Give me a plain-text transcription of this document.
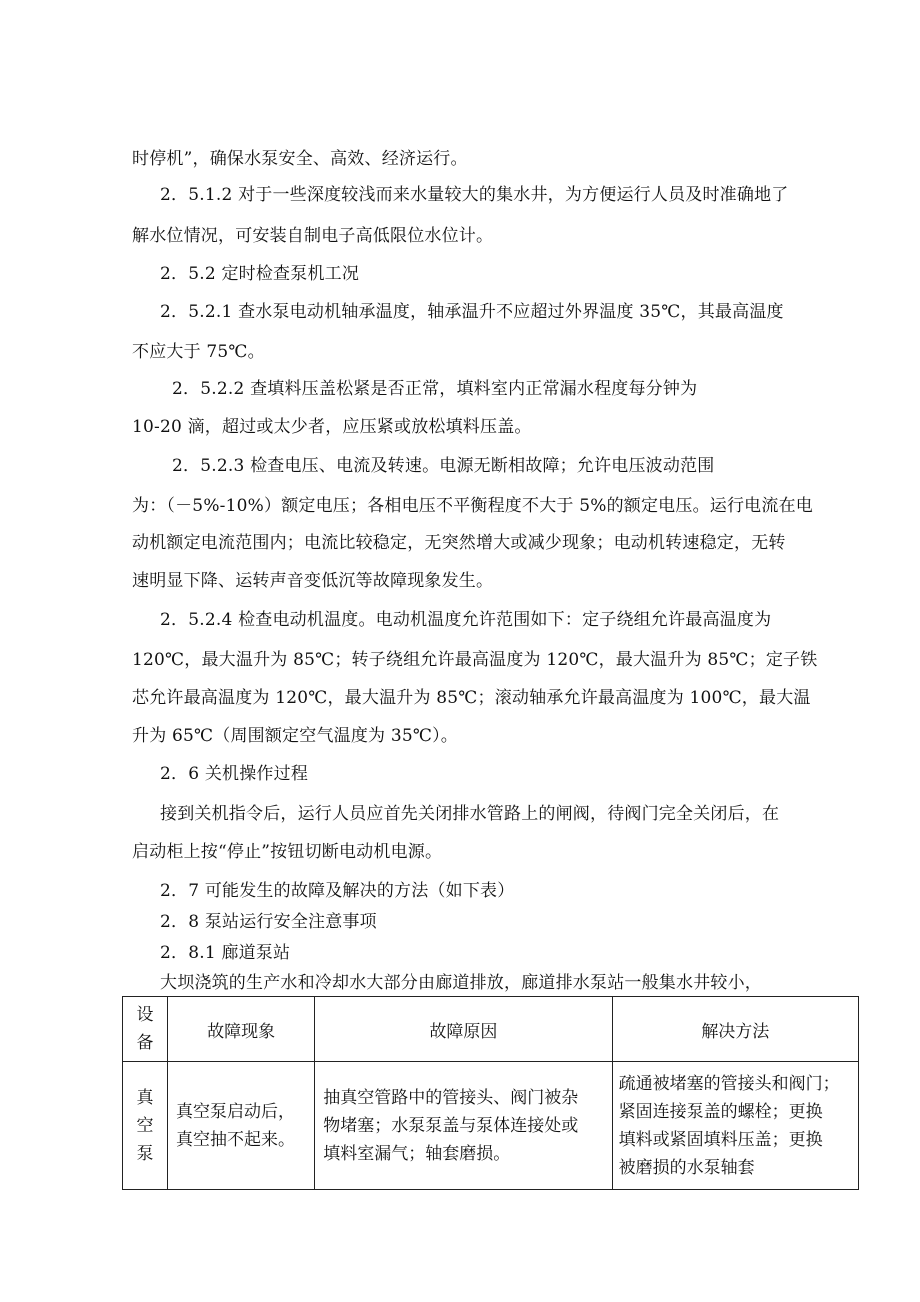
时停机”，确保水泵安全、高效、经济运行。
2．5.1.2 对于一些深度较浅而来水量较大的集水井，为方便运行人员及时准确地了
解水位情况，可安装自制电子高低限位水位计。
2．5.2 定时检查泵机工况
2．5.2.1 查水泵电动机轴承温度，轴承温升不应超过外界温度 35℃，其最高温度
不应大于 75℃。
2．5.2.2 查填料压盖松紧是否正常，填料室内正常漏水程度每分钟为
10-20 滴，超过或太少者，应压紧或放松填料压盖。
2．5.2.3 检查电压、电流及转速。电源无断相故障；允许电压波动范围
为：（－5%-10%）额定电压；各相电压不平衡程度不大于 5%的额定电压。运行电流在电
动机额定电流范围内；电流比较稳定，无突然增大或减少现象；电动机转速稳定，无转
速明显下降、运转声音变低沉等故障现象发生。
2．5.2.4 检查电动机温度。电动机温度允许范围如下：定子绕组允许最高温度为
120℃，最大温升为 85℃；转子绕组允许最高温度为 120℃，最大温升为 85℃；定子铁
芯允许最高温度为 120℃，最大温升为 85℃；滚动轴承允许最高温度为 100℃，最大温
升为 65℃（周围额定空气温度为 35℃）。
2．6 关机操作过程
接到关机指令后，运行人员应首先关闭排水管路上的闸阀，待阀门完全关闭后，在
启动柜上按“停止”按钮切断电动机电源。
2．7 可能发生的故障及解决的方法（如下表）
2．8 泵站运行安全注意事项
2．8.1 廊道泵站
大坝浇筑的生产水和冷却水大部分由廊道排放，廊道排水泵站一般集水井较小，
设
备	故障现象	故障原因	解决方法

真
空
泵	真空泵启动后，
真空抽不起来。	抽真空管路中的管接头、阀门被杂
物堵塞；水泵泵盖与泵体连接处或
填料室漏气；轴套磨损。	疏通被堵塞的管接头和阀门；
紧固连接泵盖的螺栓；更换
填料或紧固填料压盖；更换
被磨损的水泵轴套
